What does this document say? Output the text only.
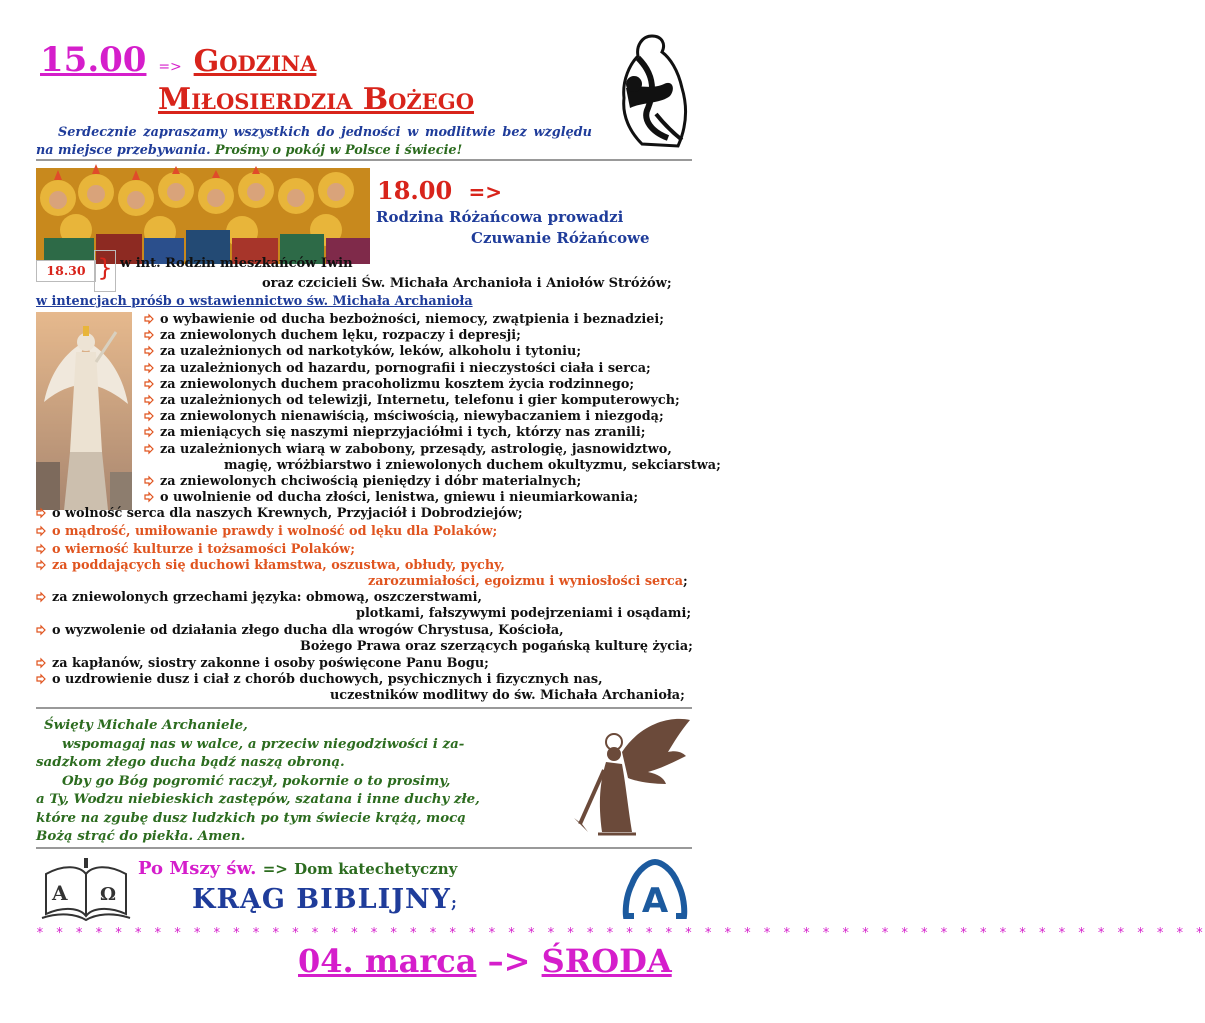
15.00 => Godzina
Miłosierdzia Bożego
Serdecznie zapraszamy wszystkich do jedności w modlitwie bez względu na miejsce przebywania. Prośmy o pokój w Polsce i świecie!
18.00 =>
Rodzina Różańcowa prowadzi
Czuwanie Różańcowe
18.30 } w int. Rodzin mieszkańców Iwin
oraz czcicieli Św. Michała Archanioła i Aniołów Stróżów;
w intencjach próśb o wstawiennictwo św. Michała Archanioła
o wybawienie od ducha bezbożności, niemocy, zwątpienia i beznadziei;
za zniewolonych duchem lęku, rozpaczy i depresji;
za uzależnionych od narkotyków, leków, alkoholu i tytoniu;
za uzależnionych od hazardu, pornografii i nieczystości ciała i serca;
za zniewolonych duchem pracoholizmu kosztem życia rodzinnego;
za uzależnionych od telewizji, Internetu, telefonu i gier komputerowych;
za zniewolonych nienawiścią, mściwością, niewybaczaniem i niezgodą;
za mieniących się naszymi nieprzyjaciółmi i tych, którzy nas zranili;
za uzależnionych wiarą w zabobony, przesądy, astrologię, jasnowidztwo,
magię, wróżbiarstwo i zniewolonych duchem okultyzmu, sekciarstwa;
za zniewolonych chciwością pieniędzy i dóbr materialnych;
o uwolnienie od ducha złości, lenistwa, gniewu i nieumiarkowania;
o wolność serca dla naszych Krewnych, Przyjaciół i Dobrodziejów;
o mądrość, umiłowanie prawdy i wolność od lęku dla Polaków;
o wierność kulturze i tożsamości Polaków;
za poddających się duchowi kłamstwa, oszustwa, obłudy, pychy,
zarozumiałości, egoizmu i wyniosłości serca;
za zniewolonych grzechami języka: obmową, oszczerstwami,
plotkami, fałszywymi podejrzeniami i osądami;
o wyzwolenie od działania złego ducha dla wrogów Chrystusa, Kościoła,
Bożego Prawa oraz szerzących pogańską kulturę życia;
za kapłanów, siostry zakonne i osoby poświęcone Panu Bogu;
o uzdrowienie dusz i ciał z chorób duchowych, psychicznych i fizycznych nas,
uczestników modlitwy do św. Michała Archanioła;
Święty Michale Archaniele,
wspomagaj nas w walce, a przeciw niegodziwości i za-
sadzkom złego ducha bądź naszą obroną.
Oby go Bóg pogromić raczył, pokornie o to prosimy,
a Ty, Wodzu niebieskich zastępów, szatana i inne duchy złe,
które na zgubę dusz ludzkich po tym świecie krążą, mocą
Bożą strąć do piekła. Amen.
A Ω
Po Mszy św. => Dom katechetyczny
KRĄG BIBLIJNY;	Α
* * * * * * * * * * * * * * * * * * * * * * * * * * * * * * * * * * * * * * * * * * * * * * * * * * * * * * * * * * * *
04. marca –> ŚRODA
